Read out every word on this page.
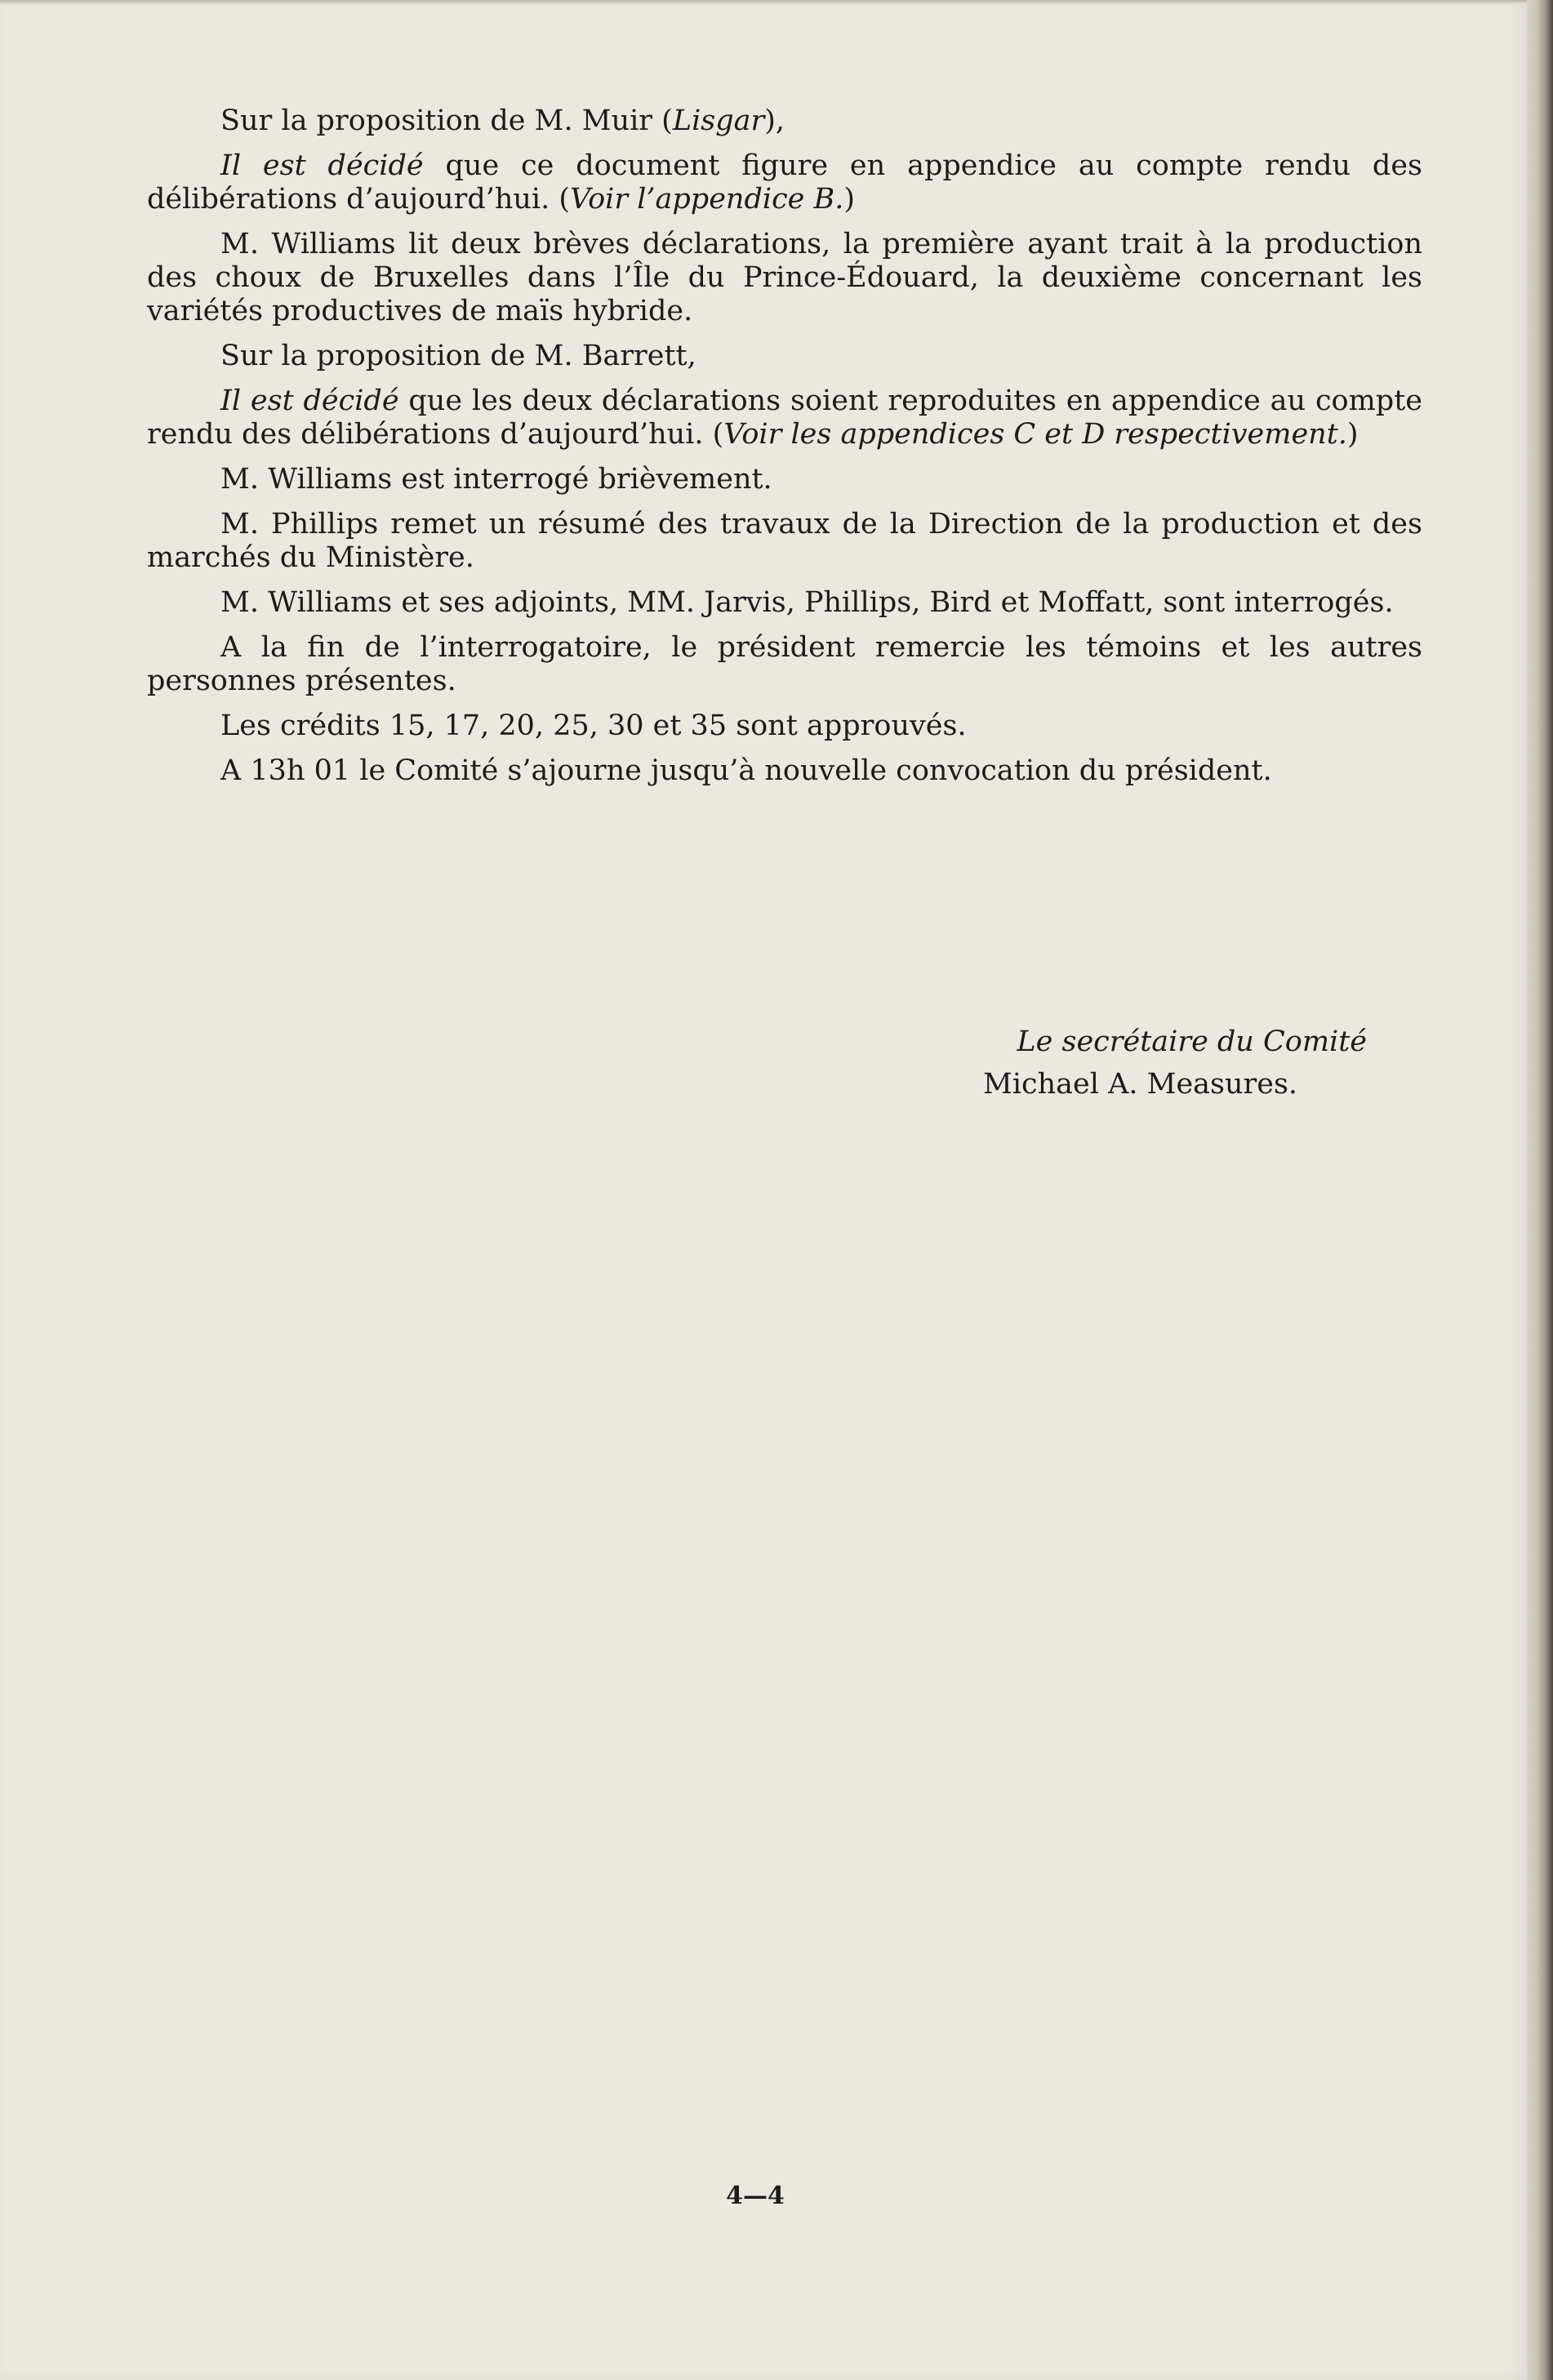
Sur la proposition de M. Muir (Lisgar),

Il est décidé que ce document figure en appendice au compte rendu des délibérations d’aujourd’hui. (Voir l’appendice B.)

M. Williams lit deux brèves déclarations, la première ayant trait à la production des choux de Bruxelles dans l’Île du Prince-Édouard, la deuxième concernant les variétés productives de maïs hybride.

Sur la proposition de M. Barrett,

Il est décidé que les deux déclarations soient reproduites en appendice au compte rendu des délibérations d’aujourd’hui. (Voir les appendices C et D respectivement.)

M. Williams est interrogé brièvement.

M. Phillips remet un résumé des travaux de la Direction de la production et des marchés du Ministère.

M. Williams et ses adjoints, MM. Jarvis, Phillips, Bird et Moffatt, sont interrogés.

A la fin de l’interrogatoire, le président remercie les témoins et les autres personnes présentes.

Les crédits 15, 17, 20, 25, 30 et 35 sont approuvés.

A 13h 01 le Comité s’ajourne jusqu’à nouvelle convocation du président.

Le secrétaire du Comité
Michael A. Measures.
4—4
